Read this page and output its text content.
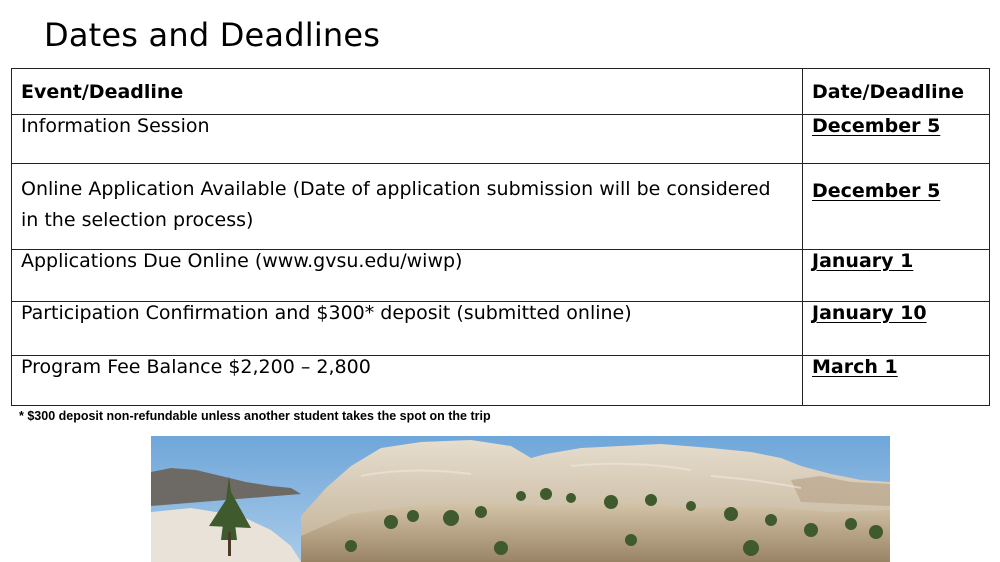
Dates and Deadlines
Event/Deadline	Date/Deadline
Information Session	December 5
Online Application Available (Date of application submission will be considered in the selection process)	December 5
Applications Due Online (www.gvsu.edu/wiwp)	January 1
Participation Confirmation and $300* deposit (submitted online)	January 10
Program Fee Balance $2,200 – 2,800	March 1
* $300 deposit non-refundable unless another student takes the spot on the trip
